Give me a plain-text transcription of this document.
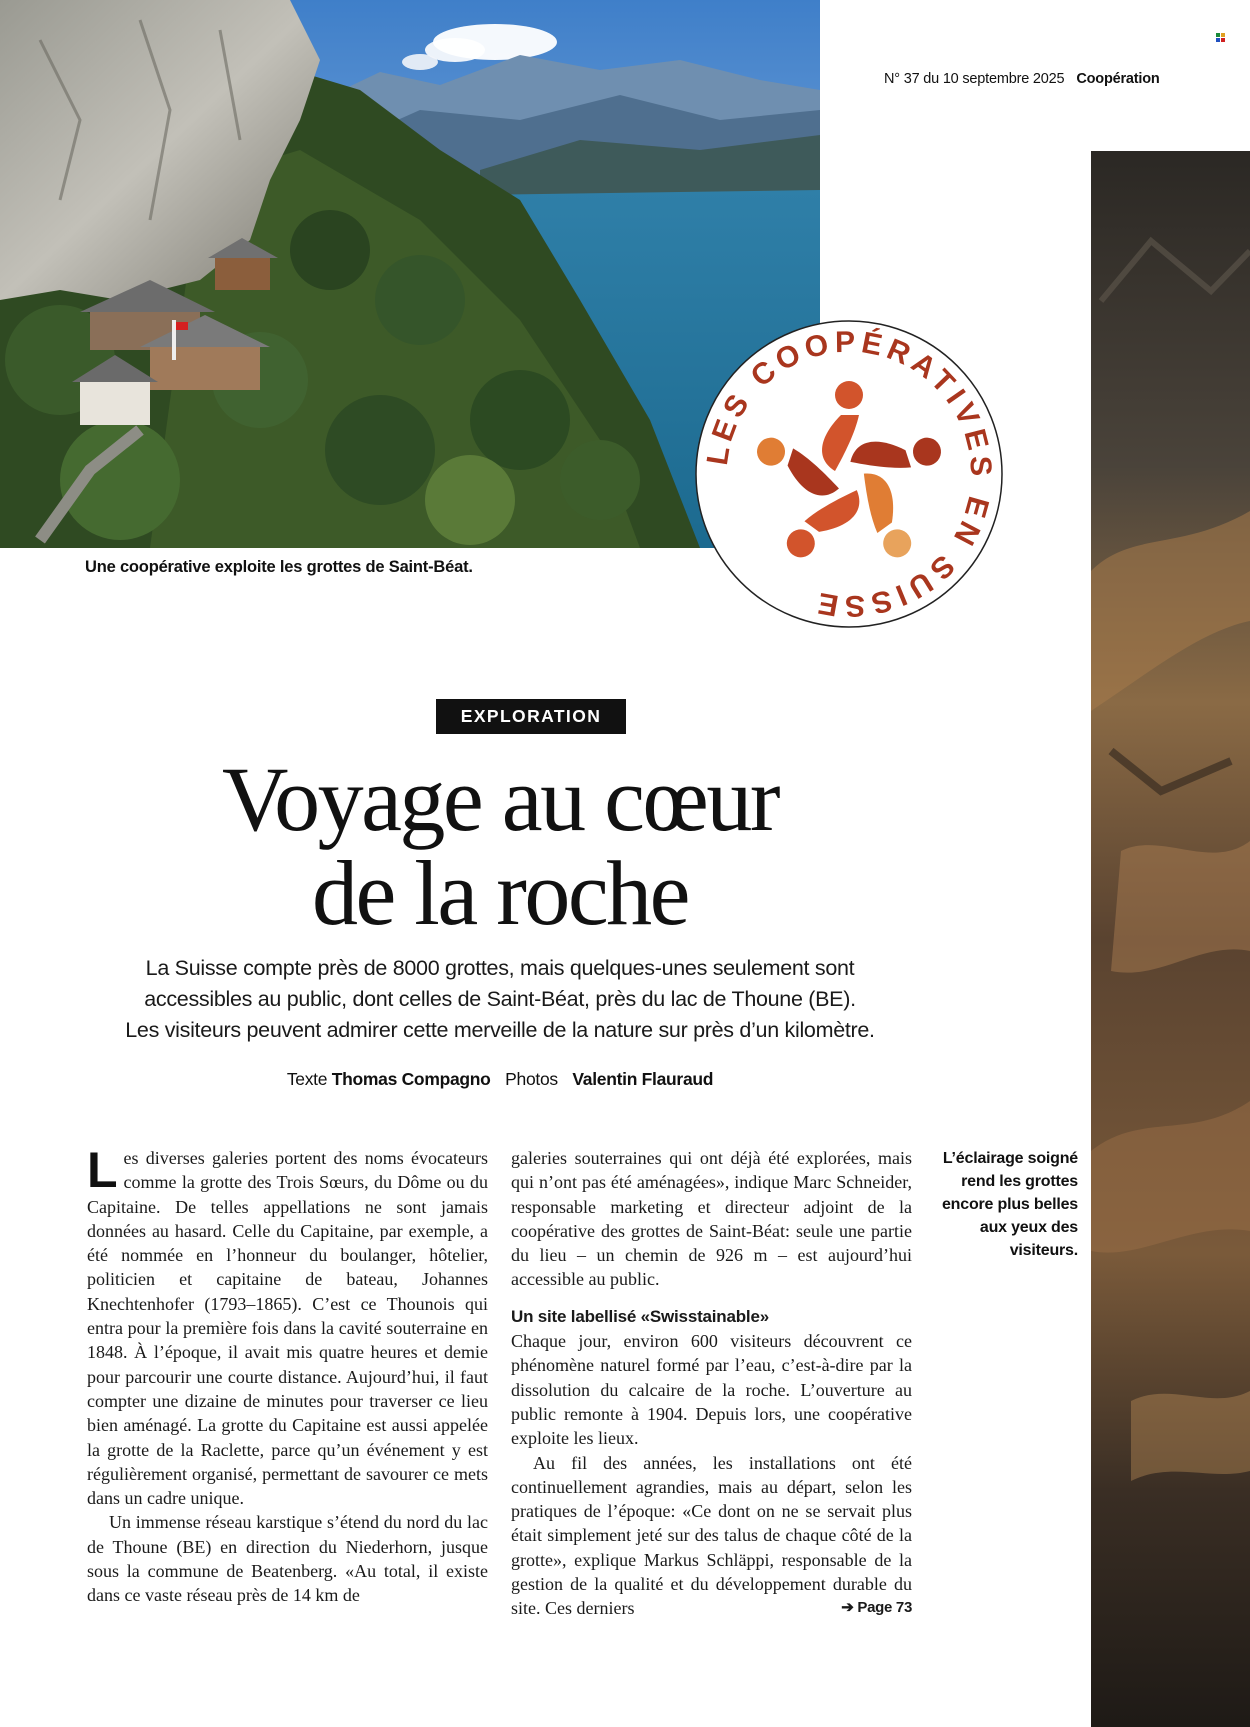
Une coopérative exploite les grottes de Saint-Béat.
N° 37 du 10 septembre 2025 Coopération
LES COOPÉRATIVES EN SUISSE
EXPLORATION
Voyage au cœur
de la roche
La Suisse compte près de 8000 grottes, mais quelques-unes seulement sont
accessibles au public, dont celles de Saint-Béat, près du lac de Thoune (BE).
Les visiteurs peuvent admirer cette merveille de la nature sur près d’un kilomètre.
Texte Thomas Compagno Photos Valentin Flauraud

Les diverses galeries portent des noms évocateurs comme la grotte des Trois Sœurs, du Dôme ou du Capitaine. De telles appellations ne sont jamais données au hasard. Celle du Capitaine, par exemple, a été nommée en l’honneur du boulanger, hôtelier, politicien et capitaine de bateau, Johannes Knechtenhofer (1793–1865). C’est ce Thounois qui entra pour la première fois dans la cavité souterraine en 1848. À l’époque, il avait mis quatre heures et demie pour parcourir une courte distance. Aujourd’hui, il faut compter une dizaine de minutes pour traverser ce lieu bien aménagé. La grotte du Capitaine est aussi appelée la grotte de la Raclette, parce qu’un événement y est régulièrement organisé, permettant de savourer ce mets dans un cadre unique.

Un immense réseau karstique s’étend du nord du lac de Thoune (BE) en direction du Niederhorn, jusque sous la commune de Beatenberg. «Au total, il existe dans ce vaste réseau près de 14 km de

galeries souterraines qui ont déjà été explorées, mais qui n’ont pas été aménagées», indique Marc Schneider, responsable marketing et directeur adjoint de la coopérative des grottes de Saint-Béat: seule une partie du lieu – un chemin de 926 m – est aujourd’hui accessible au public.

Un site labellisé «Swisstainable»

Chaque jour, environ 600 visiteurs découvrent ce phénomène naturel formé par l’eau, c’est-à-dire par la dissolution du calcaire de la roche. L’ouverture au public remonte à 1904. Depuis lors, une coopérative exploite les lieux.

Au fil des années, les installations ont été continuellement agrandies, mais au départ, selon les pratiques de l’époque: «Ce dont on ne se servait plus était simplement jeté sur des talus de chaque côté de la grotte», explique Markus Schläppi, responsable de la gestion de la qualité et du développement durable du site. Ces derniers	➔ Page 73

L’éclairage soigné rend les grottes encore plus belles aux yeux des visiteurs.
